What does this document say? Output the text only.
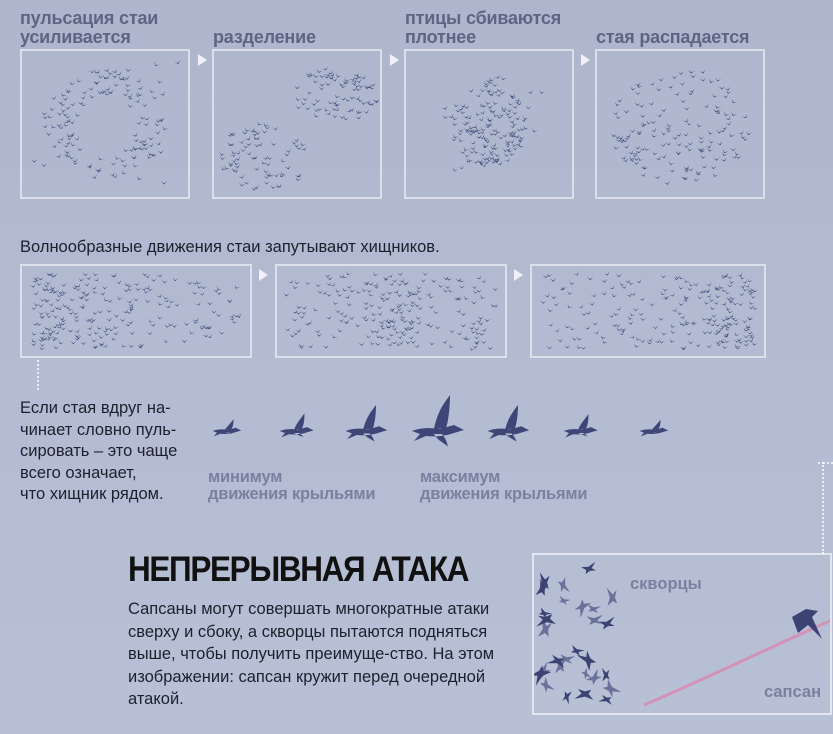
пульсация стаи
усиливается	разделение
птицы сбиваются
плотнее	стая распадается
Волнообразные движения стаи запутывают хищников.
Если стая вдруг на-
чинает словно пуль-
сировать – это чаще
всего означает,
что хищник рядом.
минимум
движения крыльями
максимум
движения крыльями
НЕПРЕРЫВНАЯ АТАКА
Сапсаны могут совершать многократные атаки сверху и сбоку, а скворцы пытаются подняться выше, чтобы получить преимуще-ство. На этом изображении: сапсан кружит перед очередной атакой.
скворцы
сапсан
